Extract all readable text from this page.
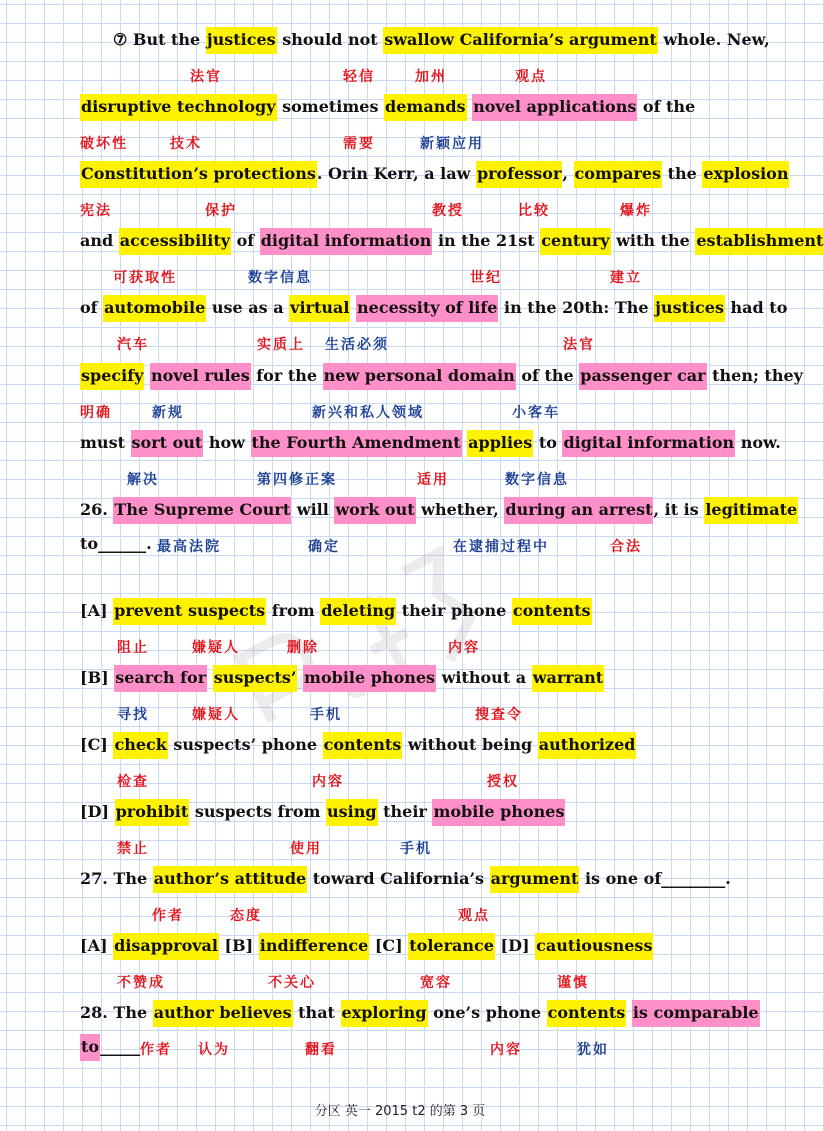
⑦ But the justices should not swallow California’s argument whole. New,
disruptive technology sometimes demands novel applications of the
Constitution’s protections. Orin Kerr, a law professor, compares the explosion
and accessibility of digital information in the 21st century with the establishment
of automobile use as a virtual necessity of life in the 20th: The justices had to
specify novel rules for the new personal domain of the passenger car then; they
must sort out how the Fourth Amendment applies to digital information now.
26. The Supreme Court will work out whether, during an arrest, it is legitimate
to______.
[A] prevent suspects from deleting their phone contents
[B] search for suspects’ mobile phones without a warrant
[C] check suspects’ phone contents without being authorized
[D] prohibit suspects from using their mobile phones
27. The author’s attitude toward California’s argument is one of________.
[A] disapproval [B] indifference [C] tolerance [D] cautiousness
28. The author believes that exploring one’s phone contents is comparable
to_____
法官	轻信	加州	观点
破坏性	技术	需要	新颖应用
宪法	保护	教授	比较	爆炸
可获取性	数字信息	世纪	建立
汽车	实质上 生活必须	法官
明确	新规	新兴和私人领域	小客车
解决	第四修正案	适用	数字信息
最高法院	确定	在逮捕过程中	合法
阻止	嫌疑人	删除	内容
寻找	嫌疑人	手机	搜查令
检查	内容	授权
禁止	使用	手机
作者	态度	观点
不赞成	不关心	宽容	谨慎
作者 认为	翻看	内容	犹如
分区 英一 2015 t2 的第 3 页
